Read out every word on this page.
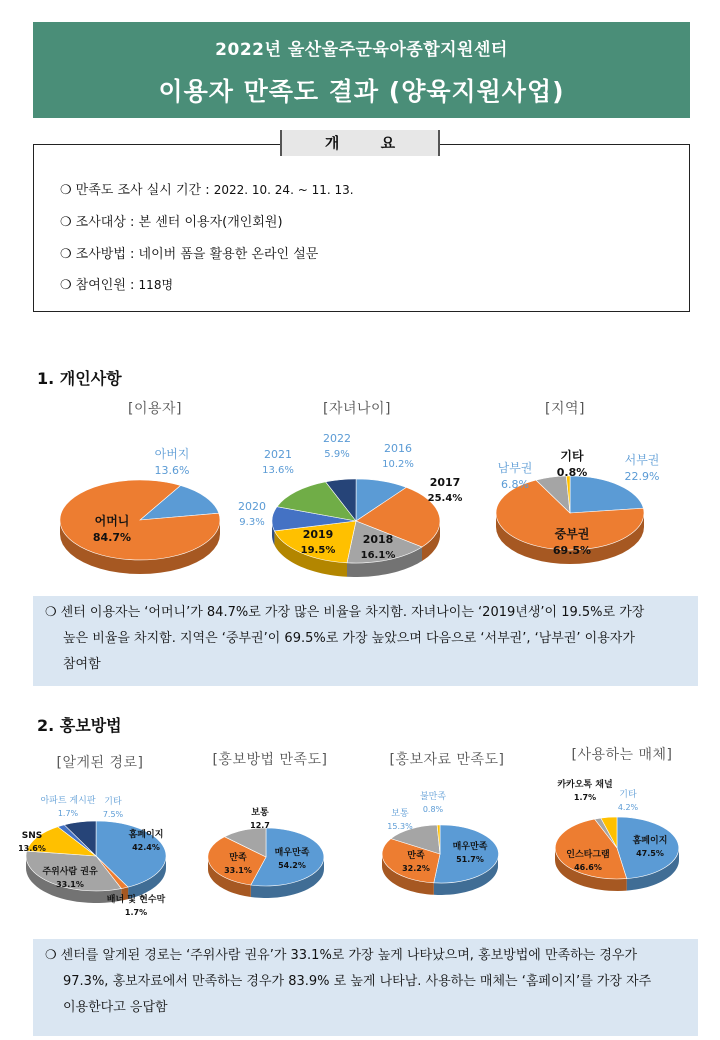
2022년 울산울주군육아종합지원센터
이용자 만족도 결과 (양육지원사업)
개 요
❍ 만족도 조사 실시 기간 : 2022. 10. 24. ~ 11. 13.
❍ 조사대상 : 본 센터 이용자(개인회원)
❍ 조사방법 : 네이버 폼을 활용한 온라인 설문
❍ 참여인원 : 118명
1. 개인사항
[이용자]	[자녀나이]	[지역]
2. 홍보방법
[알게된 경로]	[홍보방법 만족도]	[홍보자료 만족도]	[사용하는 매체]
아버지
13.6%
어머니
84.7%
2016
10.2%
2017
25.4%
2018
16.1%
2019
19.5%
2020
9.3%
2021
13.6%
2022
5.9%	서부권
22.9%
중부권
69.5%
남부권
6.8%
기타
0.8%
홈페이지
42.4%
배너 및 현수막
1.7%
주위사람 권유
33.1%
SNS
13.6%
아파트 게시판
1.7%
기타
7.5%
매우만족
54.2%
만족
33.1%
보통
12.7
매우만족
51.7%
만족
32.2%
보통
15.3%
불만족
0.8%
홈페이지
47.5%
인스타그램
46.6%
카카오톡 채널
1.7%	기타
4.2%
❍ 센터 이용자는 ‘어머니’가 84.7%로 가장 많은 비율을 차지함. 자녀나이는 ‘2019년생’이 19.5%로 가장
높은 비율을 차지함. 지역은 ‘중부권’이 69.5%로 가장 높았으며 다음으로 ‘서부권’, ‘남부권’ 이용자가
참여함
❍ 센터를 알게된 경로는 ‘주위사람 권유’가 33.1%로 가장 높게 나타났으며, 홍보방법에 만족하는 경우가
97.3%, 홍보자료에서 만족하는 경우가 83.9% 로 높게 나타남. 사용하는 매체는 ‘홈페이지’를 가장 자주
이용한다고 응답함
